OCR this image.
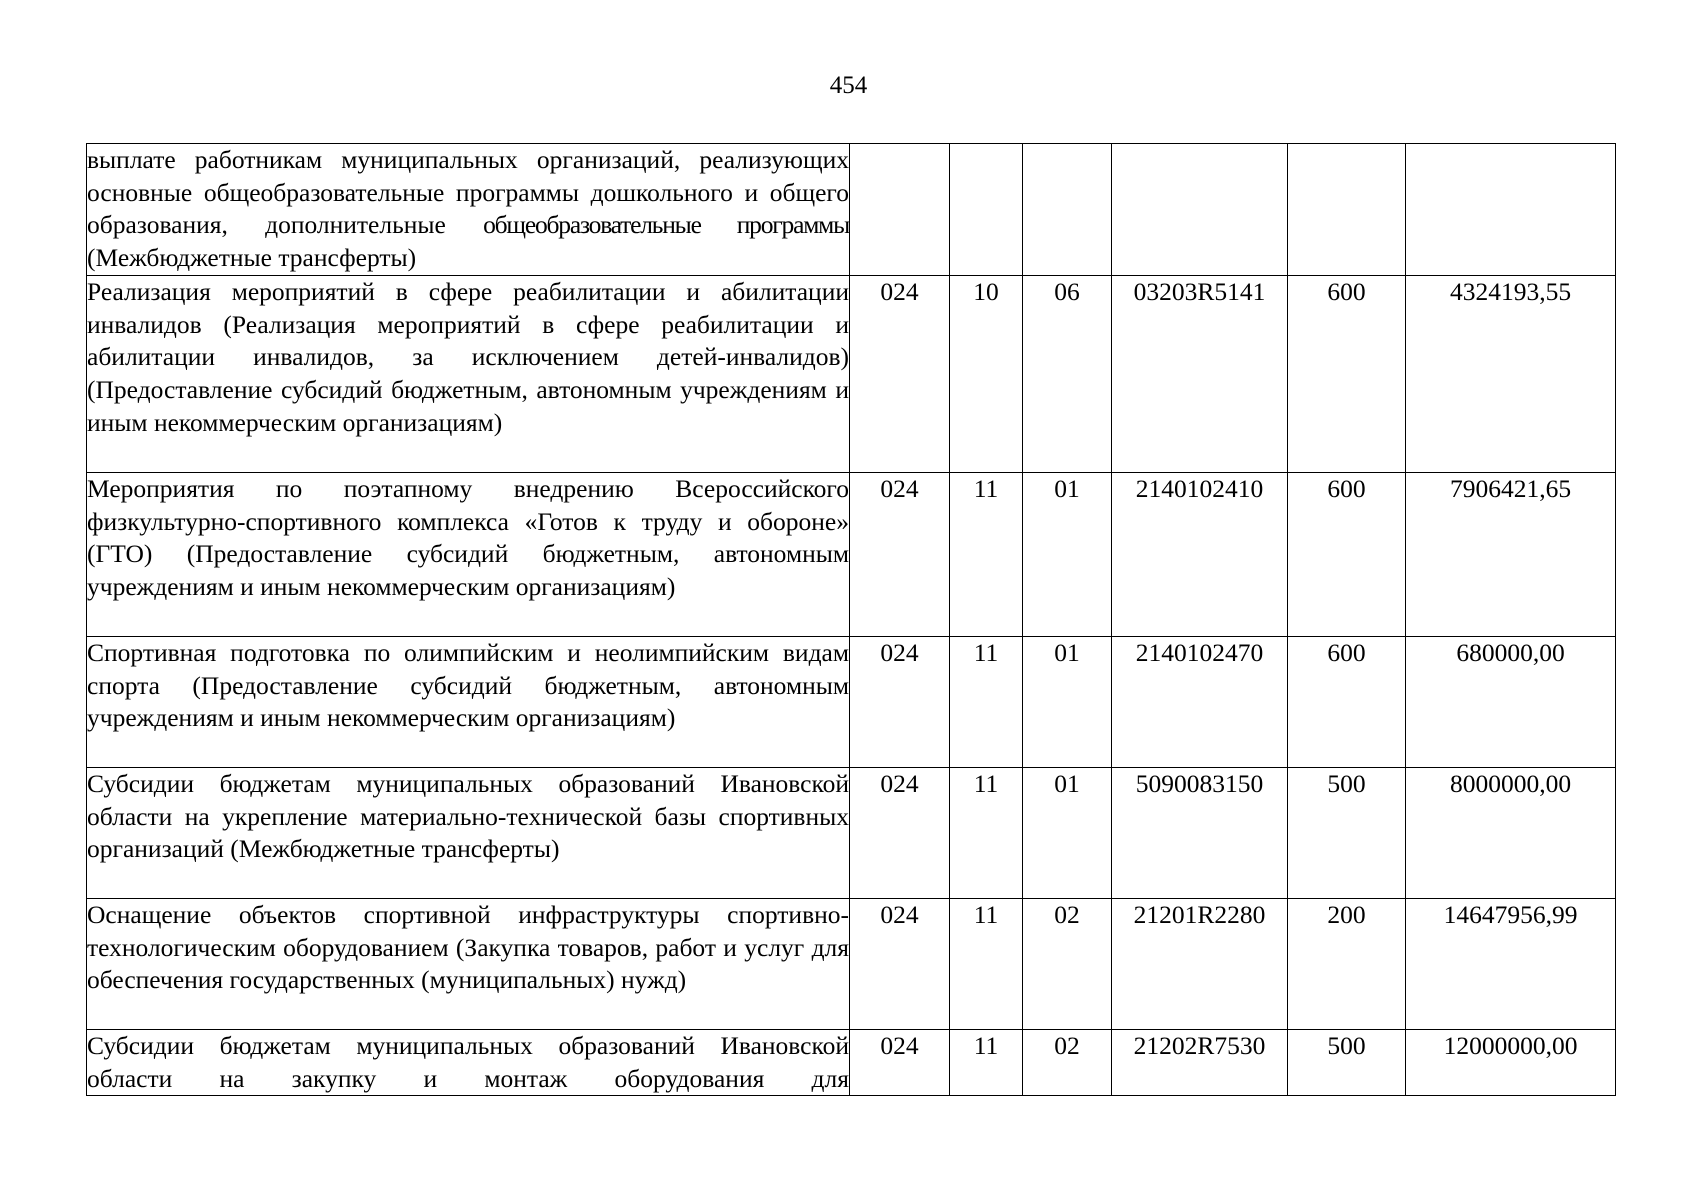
454
выплате работникам муниципальных организаций, реализующих основные общеобразовательные программы дошкольного и общего образования, дополнительные общеобразовательные программы (Межбюджетные трансферты)						
Реализация мероприятий в сфере реабилитации и абилитации инвалидов (Реализация мероприятий в сфере реабилитации и абилитации инвалидов, за исключением детей-инвалидов) (Предоставление субсидий бюджетным, автономным учреждениям и иным некоммерческим организациям)	024	10	06	03203R5141	600	4324193,55
Мероприятия по поэтапному внедрению Всероссийского физкультурно-спортивного комплекса «Готов к труду и обороне» (ГТО) (Предоставление субсидий бюджетным, автономным учреждениям и иным некоммерческим организациям)	024	11	01	2140102410	600	7906421,65
Спортивная подготовка по олимпийским и неолимпийским видам спорта (Предоставление субсидий бюджетным, автономным учреждениям и иным некоммерческим организациям)	024	11	01	2140102470	600	680000,00
Субсидии бюджетам муниципальных образований Ивановской области на укрепление материально-технической базы спортивных организаций (Межбюджетные трансферты)	024	11	01	5090083150	500	8000000,00
Оснащение объектов спортивной инфраструктуры спортивно-технологическим оборудованием (Закупка товаров, работ и услуг для обеспечения государственных (муниципальных) нужд)	024	11	02	21201R2280	200	14647956,99
Субсидии бюджетам муниципальных образований Ивановской области на закупку и монтаж оборудования для	024	11	02	21202R7530	500	12000000,00
